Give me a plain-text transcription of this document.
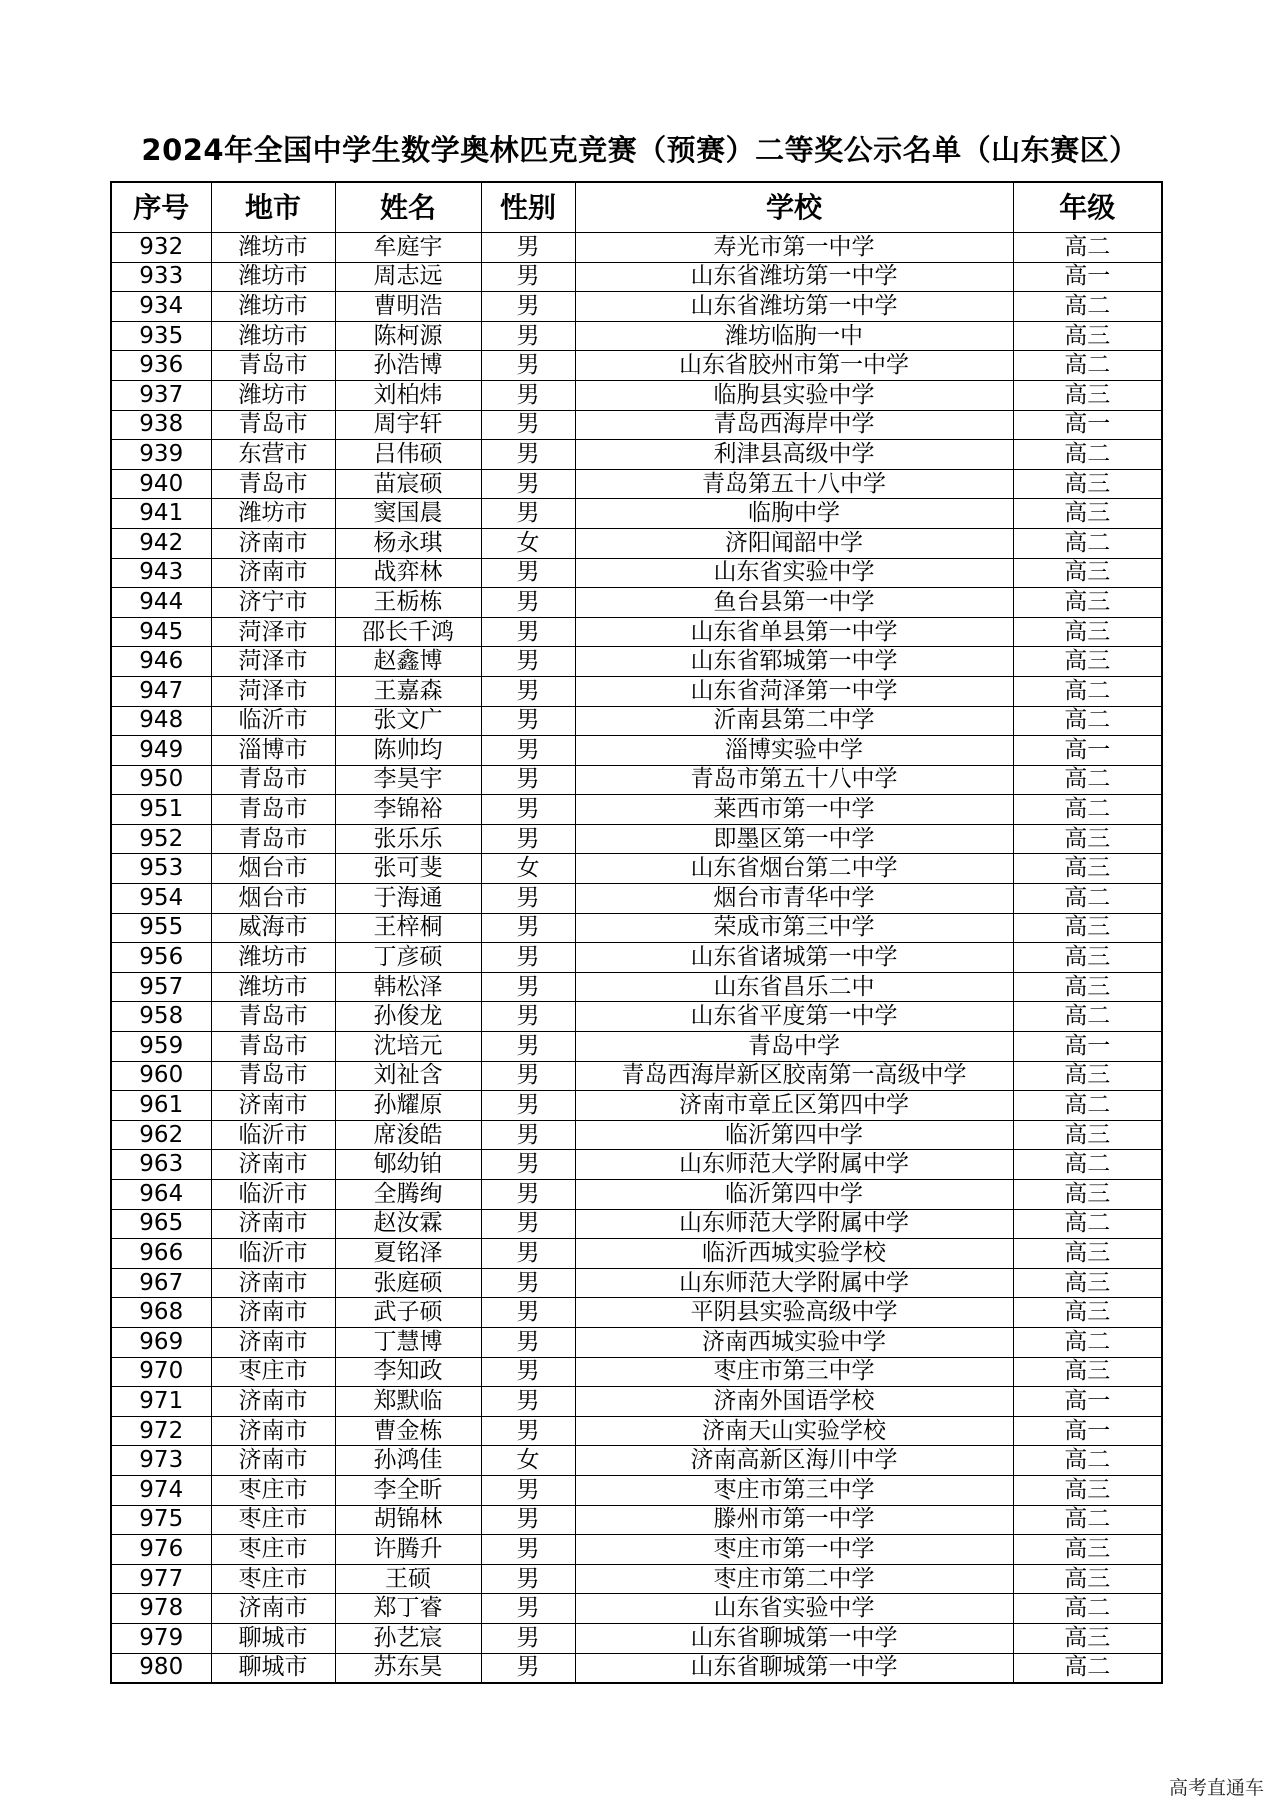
2024年全国中学生数学奥林匹克竞赛（预赛）二等奖公示名单（山东赛区）
序号	地市	姓名	性别	学校	年级
932	潍坊市	牟庭宇	男	寿光市第一中学	高二
933	潍坊市	周志远	男	山东省潍坊第一中学	高一
934	潍坊市	曹明浩	男	山东省潍坊第一中学	高二
935	潍坊市	陈柯源	男	潍坊临朐一中	高三
936	青岛市	孙浩博	男	山东省胶州市第一中学	高二
937	潍坊市	刘柏炜	男	临朐县实验中学	高三
938	青岛市	周宇轩	男	青岛西海岸中学	高一
939	东营市	吕伟硕	男	利津县高级中学	高二
940	青岛市	苗宸硕	男	青岛第五十八中学	高三
941	潍坊市	窦国晨	男	临朐中学	高三
942	济南市	杨永琪	女	济阳闻韶中学	高二
943	济南市	战弈林	男	山东省实验中学	高三
944	济宁市	王栃栋	男	鱼台县第一中学	高三
945	菏泽市	邵长千鸿	男	山东省单县第一中学	高三
946	菏泽市	赵鑫博	男	山东省郓城第一中学	高三
947	菏泽市	王嘉森	男	山东省菏泽第一中学	高二
948	临沂市	张文广	男	沂南县第二中学	高二
949	淄博市	陈帅均	男	淄博实验中学	高一
950	青岛市	李昊宇	男	青岛市第五十八中学	高二
951	青岛市	李锦裕	男	莱西市第一中学	高二
952	青岛市	张乐乐	男	即墨区第一中学	高三
953	烟台市	张可斐	女	山东省烟台第二中学	高三
954	烟台市	于海通	男	烟台市青华中学	高二
955	威海市	王梓桐	男	荣成市第三中学	高三
956	潍坊市	丁彦硕	男	山东省诸城第一中学	高三
957	潍坊市	韩松泽	男	山东省昌乐二中	高三
958	青岛市	孙俊龙	男	山东省平度第一中学	高二
959	青岛市	沈培元	男	青岛中学	高一
960	青岛市	刘祉含	男	青岛西海岸新区胶南第一高级中学	高三
961	济南市	孙耀原	男	济南市章丘区第四中学	高二
962	临沂市	席浚皓	男	临沂第四中学	高三
963	济南市	郇幼铂	男	山东师范大学附属中学	高二
964	临沂市	全腾绚	男	临沂第四中学	高三
965	济南市	赵汝霖	男	山东师范大学附属中学	高二
966	临沂市	夏铭泽	男	临沂西城实验学校	高三
967	济南市	张庭硕	男	山东师范大学附属中学	高三
968	济南市	武子硕	男	平阴县实验高级中学	高三
969	济南市	丁慧博	男	济南西城实验中学	高二
970	枣庄市	李知政	男	枣庄市第三中学	高三
971	济南市	郑默临	男	济南外国语学校	高一
972	济南市	曹金栋	男	济南天山实验学校	高一
973	济南市	孙鸿佳	女	济南高新区海川中学	高二
974	枣庄市	李全昕	男	枣庄市第三中学	高三
975	枣庄市	胡锦林	男	滕州市第一中学	高二
976	枣庄市	许腾升	男	枣庄市第一中学	高三
977	枣庄市	王硕	男	枣庄市第二中学	高三
978	济南市	郑丁睿	男	山东省实验中学	高二
979	聊城市	孙艺宸	男	山东省聊城第一中学	高三
980	聊城市	苏东昊	男	山东省聊城第一中学	高二
高考直通车
